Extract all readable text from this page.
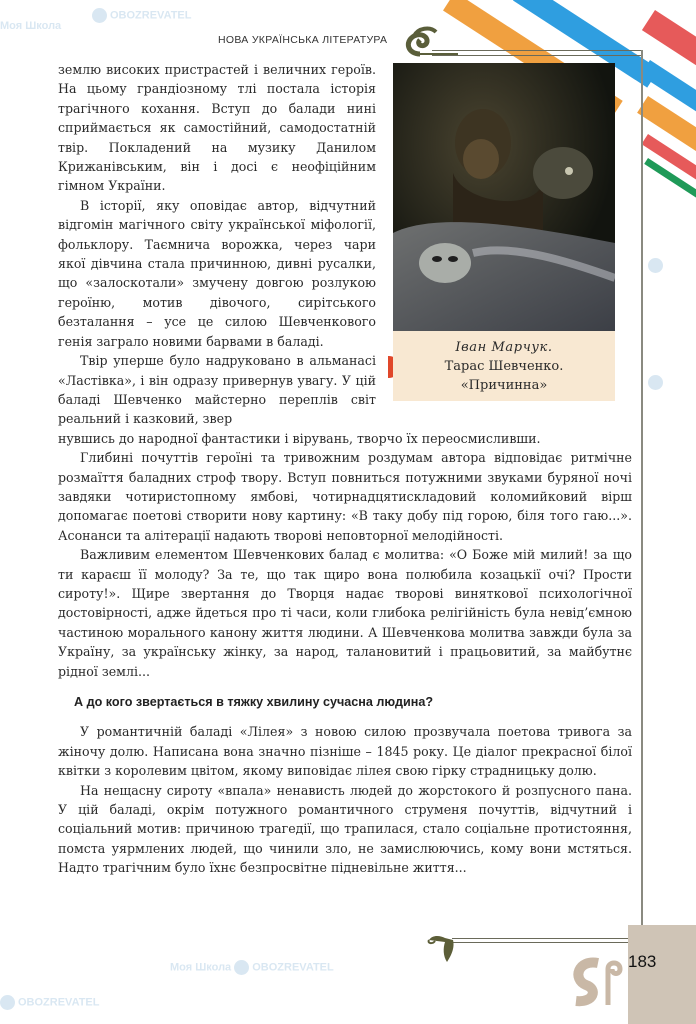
НОВА УКРАЇНСЬКА ЛІТЕРАТУРА
Іван Марчук.
Тарас Шевченко.
«Причинна»

землю високих пристрастей і величних героїв. На цьому грандіозному тлі постала історія трагічного кохання. Вступ до балади нині сприймається як самостійний, самодостатній твір. Покладений на музику Данилом Крижанівським, він і досі є неофіційним гімном України.

В історії, яку оповідає автор, відчутний відгомін магічного світу української міфології, фольклору. Таємнича ворожка, через чари якої дівчина стала причинною, дивні русалки, що «залоскотали» змучену довгою розлукою героїню, мотив дівочого, сирітського безталання – усе це силою Шевченкового генія заграло новими барвами в баладі.

Твір уперше було надруковано в альманасі «Ластівка», і він одразу привернув увагу. У цій баладі Шевченко майстерно переплів світ реальний і казковий, звер

нувшись до народної фантастики і вірувань, творчо їх переосмисливши.

Глибині почуттів героїні та тривожним роздумам автора відповідає ритмічне розмаїття баладних строф твору. Вступ повниться потужними звуками буряної ночі завдяки чотиристопному ямбові, чотирнадцятискладовий коломийковий вірш допомагає поетові створити нову картину: «В таку добу під горою, біля того гаю...». Асонанси та алітерації надають творові неповторної мелодійності.

Важливим елементом Шевченкових балад є молитва: «О Боже мій милий! за що ти караєш її молоду? За те, що так щиро вона полюбила козацькії очі? Прости сироту!». Щире звертання до Творця надає творові виняткової психологічної достовірності, адже йдеться про ті часи, коли глибока релігійність була невід’ємною частиною морального канону життя людини. А Шевченкова молитва завжди була за Україну, за українську жінку, за народ, талановитий і працьовитий, за майбутнє рідної землі...

А до кого звертається в тяжку хвилину сучасна людина?

У романтичній баладі «Лілея» з новою силою прозвучала поетова тривога за жіночу долю. Написана вона значно пізніше – 1845 року. Це діалог прекрасної білої квітки з королевим цвітом, якому виповідає лілея свою гірку страдницьку долю.

На нещасну сироту «впала» ненависть людей до жорстокого й розпусного пана. У цій баладі, окрім потужного романтичного струменя почуттів, відчутний і соціальний мотив: причиною трагедії, що трапилася, стало соціальне протистояння, помста уярмлених людей, що чинили зло, не замислюючись, кому вони мстяться. Надто трагічним було їхнє безпросвітне підневільне життя...

183
OBOZREVATEL
Моя Школа
Моя Школа OBOZREVATEL
OBOZREVATEL
